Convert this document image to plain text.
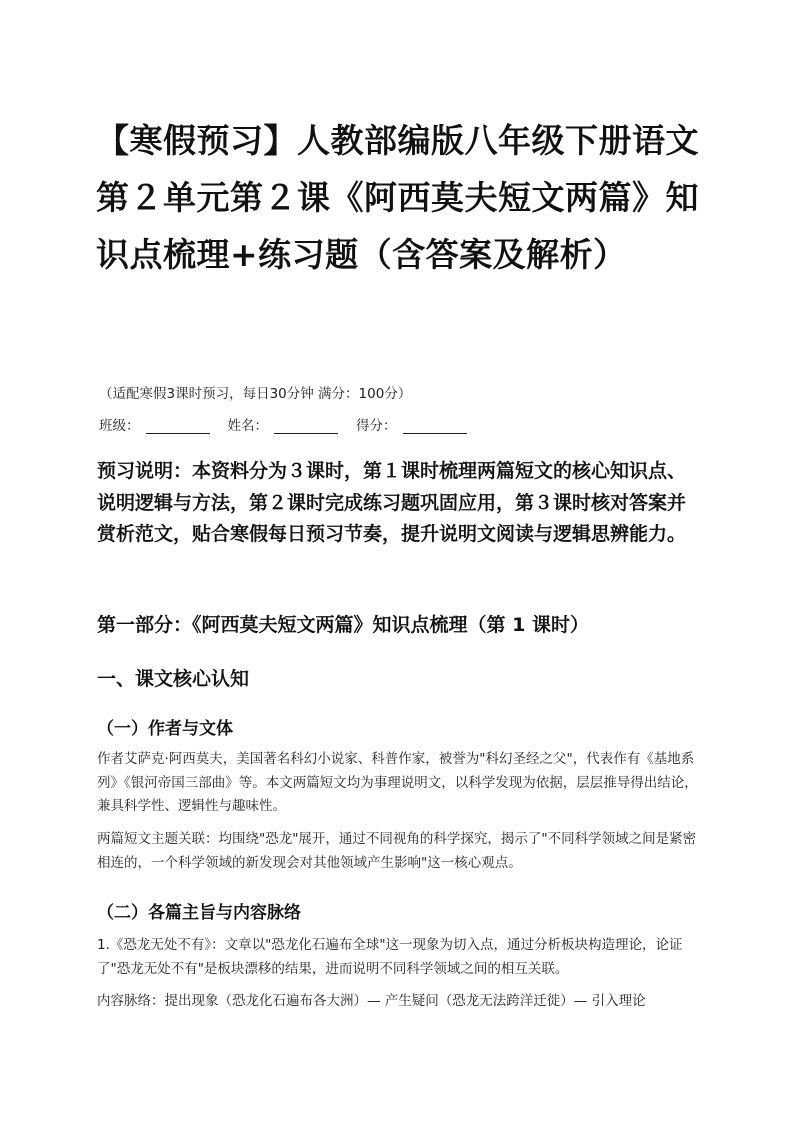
【寒假预习】人教部编版八年级下册语文第２单元第２课《阿西莫夫短文两篇》知识点梳理+练习题（含答案及解析）
（适配寒假3课时预习，每日30分钟 满分：100分）
班级：	姓名：	得分：
预习说明：本资料分为３课时，第１课时梳理两篇短文的核心知识点、说明逻辑与方法，第２课时完成练习题巩固应用，第３课时核对答案并赏析范文，贴合寒假每日预习节奏，提升说明文阅读与逻辑思辨能力。
第一部分：《阿西莫夫短文两篇》知识点梳理（第 1 课时）
一、课文核心认知
（一）作者与文体
作者艾萨克·阿西莫夫，美国著名科幻小说家、科普作家，被誉为"科幻圣经之父"，代表作有《基地系列》《银河帝国三部曲》等。本文两篇短文均为事理说明文，以科学发现为依据，层层推导得出结论，兼具科学性、逻辑性与趣味性。
两篇短文主题关联：均围绕"恐龙"展开，通过不同视角的科学探究，揭示了"不同科学领域之间是紧密相连的，一个科学领域的新发现会对其他领域产生影响"这一核心观点。
（二）各篇主旨与内容脉络
1.《恐龙无处不有》：文章以"恐龙化石遍布全球"这一现象为切入点，通过分析板块构造理论，论证了"恐龙无处不有"是板块漂移的结果，进而说明不同科学领域之间的相互关联。
内容脉络：提出现象（恐龙化石遍布各大洲）— 产生疑问（恐龙无法跨洋迁徙）— 引入理论
